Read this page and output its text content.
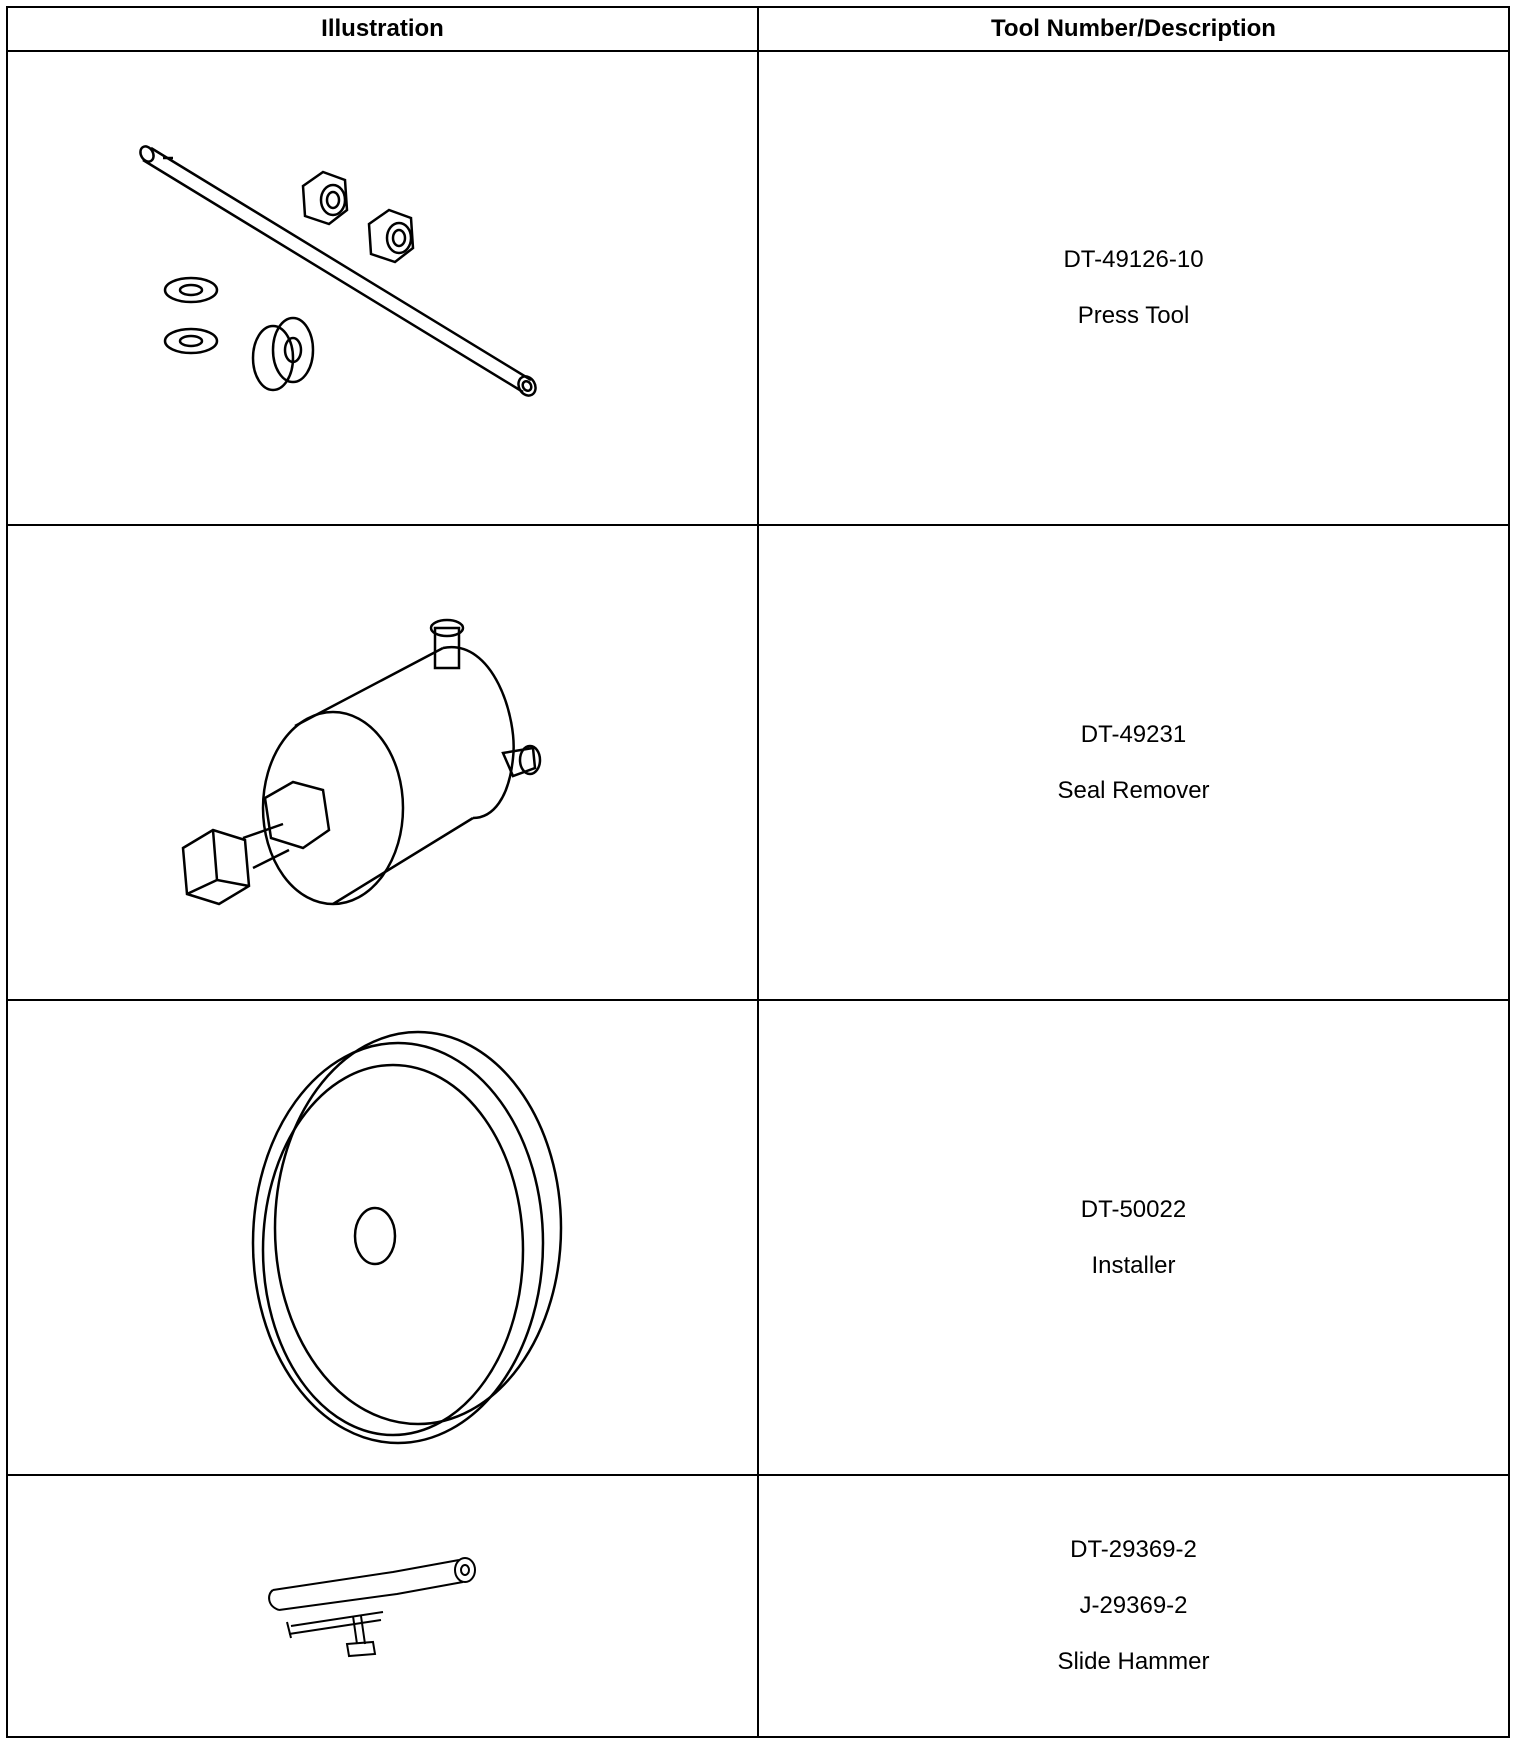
Illustration	Tool Number/Description

DT-49126-10
Press Tool

DT-49231
Seal Remover

DT-50022
Installer

DT-29369-2
J-29369-2
Slide Hammer
